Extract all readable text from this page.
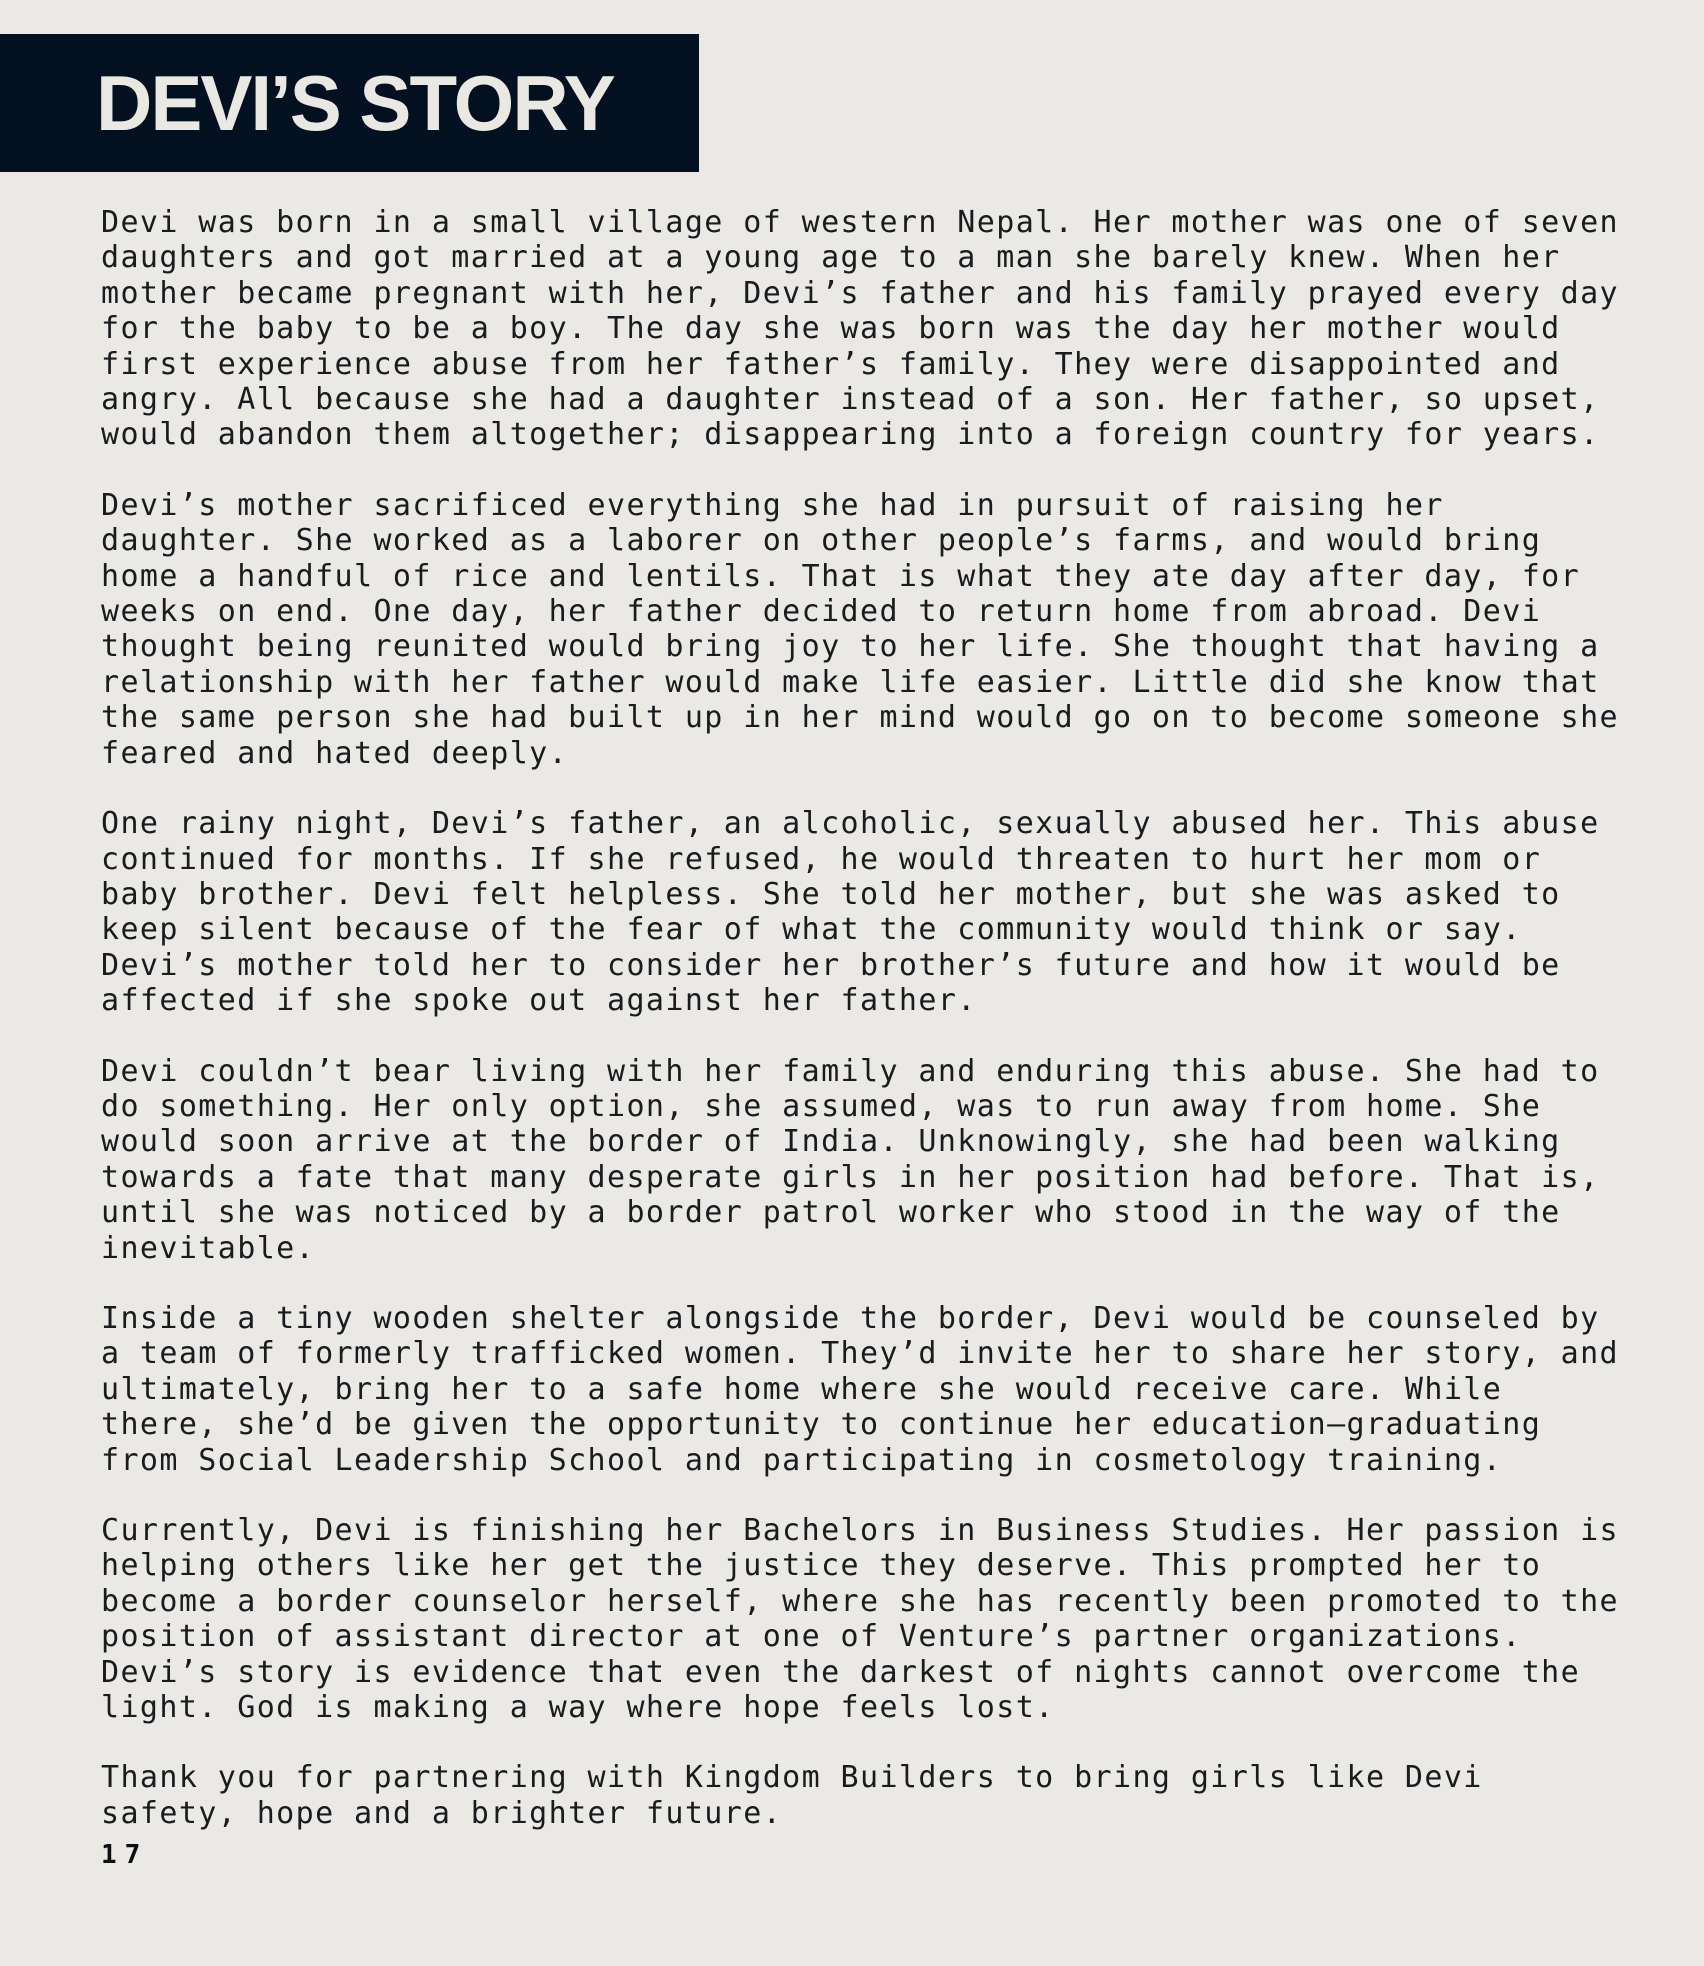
DEVI’S STORY

Devi was born in a small village of western Nepal. Her mother was one of seven
daughters and got married at a young age to a man she barely knew. When her
mother became pregnant with her, Devi’s father and his family prayed every day
for the baby to be a boy. The day she was born was the day her mother would
first experience abuse from her father’s family. They were disappointed and
angry. All because she had a daughter instead of a son. Her father, so upset,
would abandon them altogether; disappearing into a foreign country for years.

Devi’s mother sacrificed everything she had in pursuit of raising her
daughter. She worked as a laborer on other people’s farms, and would bring
home a handful of rice and lentils. That is what they ate day after day, for
weeks on end. One day, her father decided to return home from abroad. Devi
thought being reunited would bring joy to her life. She thought that having a
relationship with her father would make life easier. Little did she know that
the same person she had built up in her mind would go on to become someone she
feared and hated deeply.

One rainy night, Devi’s father, an alcoholic, sexually abused her. This abuse
continued for months. If she refused, he would threaten to hurt her mom or
baby brother. Devi felt helpless. She told her mother, but she was asked to
keep silent because of the fear of what the community would think or say.
Devi’s mother told her to consider her brother’s future and how it would be
affected if she spoke out against her father.

Devi couldn’t bear living with her family and enduring this abuse. She had to
do something. Her only option, she assumed, was to run away from home. She
would soon arrive at the border of India. Unknowingly, she had been walking
towards a fate that many desperate girls in her position had before. That is,
until she was noticed by a border patrol worker who stood in the way of the
inevitable.

Inside a tiny wooden shelter alongside the border, Devi would be counseled by
a team of formerly trafficked women. They’d invite her to share her story, and
ultimately, bring her to a safe home where she would receive care. While
there, she’d be given the opportunity to continue her education—graduating
from Social Leadership School and participating in cosmetology training.

Currently, Devi is finishing her Bachelors in Business Studies. Her passion is
helping others like her get the justice they deserve. This prompted her to
become a border counselor herself, where she has recently been promoted to the
position of assistant director at one of Venture’s partner organizations.
Devi’s story is evidence that even the darkest of nights cannot overcome the
light. God is making a way where hope feels lost.

Thank you for partnering with Kingdom Builders to bring girls like Devi
safety, hope and a brighter future.

17
